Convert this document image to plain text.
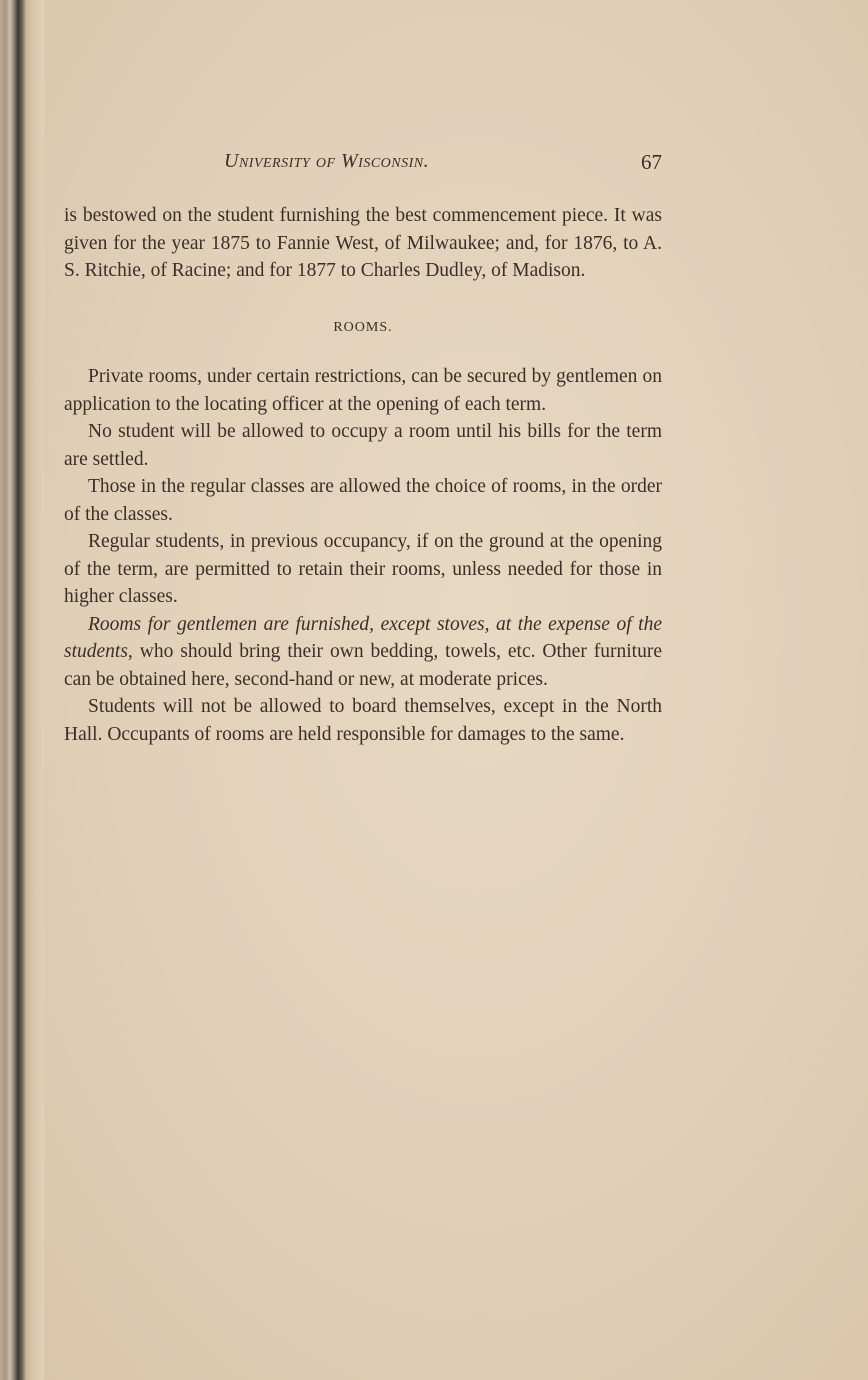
University of Wisconsin.	67

is bestowed on the student furnishing the best commencement piece. It was given for the year 1875 to Fannie West, of Milwaukee; and, for 1876, to A. S. Ritchie, of Racine; and for 1877 to Charles Dudley, of Madison.

ROOMS.

Private rooms, under certain restrictions, can be secured by gentlemen on application to the locating officer at the opening of each term.

No student will be allowed to occupy a room until his bills for the term are settled.

Those in the regular classes are allowed the choice of rooms, in the order of the classes.

Regular students, in previous occupancy, if on the ground at the opening of the term, are permitted to retain their rooms, unless needed for those in higher classes.

Rooms for gentlemen are furnished, except stoves, at the expense of the students, who should bring their own bedding, towels, etc. Other furniture can be obtained here, second-hand or new, at moderate prices.

Students will not be allowed to board themselves, except in the North Hall. Occupants of rooms are held responsible for damages to the same.
